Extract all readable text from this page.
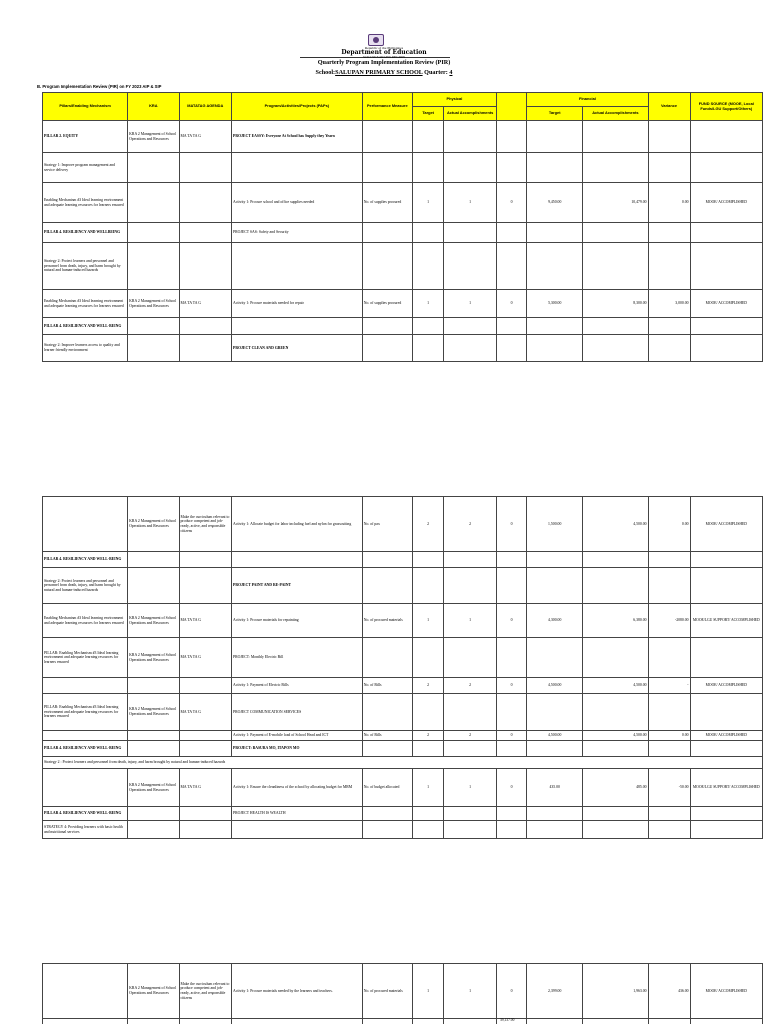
Republic of the Philippines
Department of Education
SOCCSKSARGEN REGION
Quarterly Program Implementation Review (PIR)
School:SALUPAN PRIMARY SCHOOL Quarter: 4
B. Program Implementation Review (PIR) on FY 2023 AIP & SIP
Pillars/Enabling Mechanism	KRA	MATATAG AGENDA	Program/Activities/Projects (PAPs)	Performance Measure	Physical			Financial		Variance	FUND SOURCE (MOOE, Local Funds/LGU Support/Others)
					Target	Actual Accomplishments		Target	Actual Accomplishments		
PILLAR 2. EQUITY	KRA 2 Management of School Operations and Resources	MA TA TA G	PROJECT EASSY: Everyone At School has Supply they Yearn									
Strategy 1: Improve program management and service delivery												
Enabling Mechanism #3 Ideal learning environment and adequate learning resources for learners ensured			Activity 1: Procure school and office supplies needed	No. of supplies procured	1	1	0		9,450.00	10,479.00	0.00	MOOE/ ACCOMPLISHED
PILLAR 4. RESILIENCY AND WELLBEING			PROJECT SAS: Safety and Security									
Strategy 2: Protect learners and personnel and personnel from death, injury, and harm brought by natural and human-induced hazards												
Enabling Mechanism #3 Ideal learning environment and adequate learning resources for learners ensured	KRA 2 Management of School Operations and Resources	MA TA TA G	Activity 1: Procure materials needed for repair	No. of supplies procured	1	1	0		5,300.00	8,300.00	3,000.00	MOOE/ ACCOMPLISHED
PILLAR 4. RESILIENCY AND WELL-BEING												
Strategy 2: Improve learners access to quality and learner friendly environment			PROJECT CLEAN AND GREEN									
	KRA 2 Management of School Operations and Resources	Make the curriculum relevant to produce competent and job-ready, active, and responsible citizens	Activity 1: Allocate budget for labor including fuel and nylon for grasscutting	No. of pax	2	2	0		1,500.00	4,500.00	0.00	MOOE/ ACCOMPLISHED
PILLAR 4. RESILIENCY AND WELL-BEING												
Strategy 2: Protect learners and personnel and personnel from death, injury, and harm brought by natural and human-induced hazards			PROJECT PAINT AND RE-PAINT									
Enabling Mechanism #3 Ideal learning environment and adequate learning resources for learners ensured	KRA 2 Management of School Operations and Resources	MA TA TA G	Activity 1: Procure materials for repainting	No. of procured materials	1	1	0		4,300.00	6,380.00	-2080.00	MOOE/LGU SUPPORT/ ACCOMPLISHED
PILLAR: Enabling Mechanism #3 Ideal learning environment and adequate learning resources for learners ensured	KRA 2 Management of School Operations and Resources	MA TA TA G	PROJECT: Monthly Electric Bill									
			Activity 1: Payment of Electric Bills	No. of Bills	2	2	0		4,500.00	4,500.00	-	MOOE/ ACCOMPLISHED
PILLAR: Enabling Mechanism #3 Ideal learning environment and adequate learning resources for learners ensured	KRA 2 Management of School Operations and Resources	MA TA TA G	PROJECT COMMUNICATION SERVICES									
			Activity 1: Payment of E-mobile load of School Head and ICT	No. of Bills	2	2	0		4,500.00	4,500.00	0.00	MOOE/ ACCOMPLISHED
PILLAR 4. RESILIENCY AND WELL-BEING			PROJECT: BASURA MO, ITAPON MO									
Strategy 2 : Protect learners and personnel from death, injury, and harm brought by natural and human-induced hazards											
	KRA 2 Management of School Operations and Resources	MA TA TA G	Activity 1: Ensure the cleanliness of the school by allocating budget for MRM	No. of budget allocated	1	1	0		435.00	485.00	-50.00	MOOE/LGU SUPPORT/ ACCOMPLISHED
PILLAR 4. RESILIENCY AND WELL-BEING			PROJECT HEALTH IS WEALTH									
STRATEGY 4: Providing learners with basic health and nutritional services												
	KRA 2 Management of School Operations and Resources	Make the curriculum relevant to produce competent and job-ready, active, and responsible citizens	Activity 1: Procure materials needed by the learners and teachers.	No. of procured materials	1	1	0		2,399.00	1,963.00	436.00	MOOE/ ACCOMPLISHED

39,137.00
